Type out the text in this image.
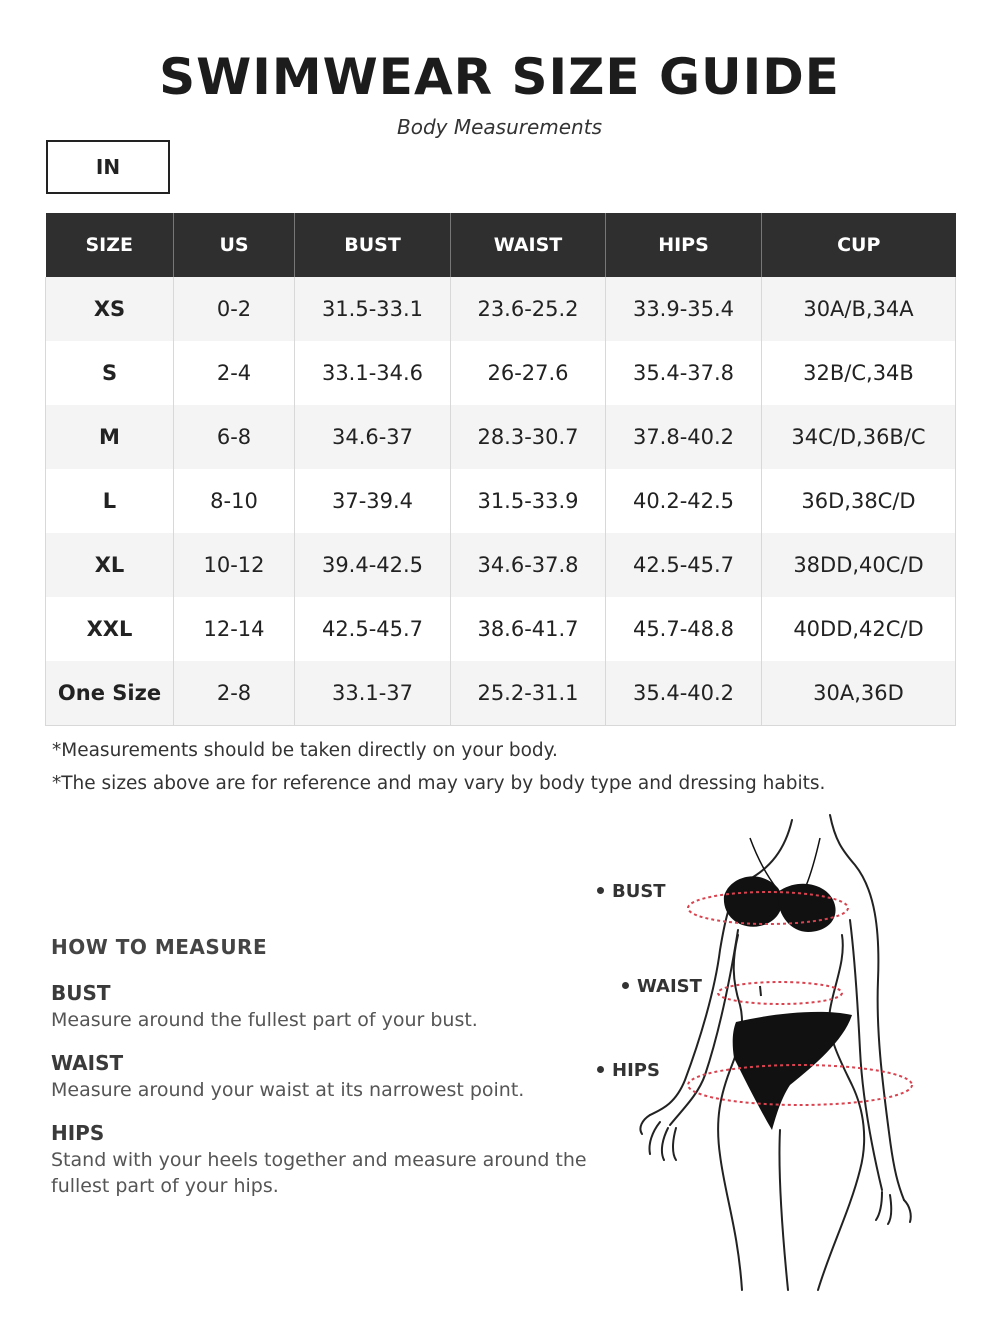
SWIMWEAR SIZE GUIDE
Body Measurements
IN
SIZE	US	BUST	WAIST	HIPS	CUP
XS	0-2	31.5-33.1	23.6-25.2	33.9-35.4	30A/B,34A
S	2-4	33.1-34.6	26-27.6	35.4-37.8	32B/C,34B
M	6-8	34.6-37	28.3-30.7	37.8-40.2	34C/D,36B/C
L	8-10	37-39.4	31.5-33.9	40.2-42.5	36D,38C/D
XL	10-12	39.4-42.5	34.6-37.8	42.5-45.7	38DD,40C/D
XXL	12-14	42.5-45.7	38.6-41.7	45.7-48.8	40DD,42C/D
One Size	2-8	33.1-37	25.2-31.1	35.4-40.2	30A,36D
*Measurements should be taken directly on your body.
*The sizes above are for reference and may vary by body type and dressing habits.
HOW TO MEASURE
BUST
Measure around the fullest part of your bust.
WAIST
Measure around your waist at its narrowest point.
HIPS
Stand with your heels together and measure around the fullest part of your hips.
BUST
WAIST
HIPS
